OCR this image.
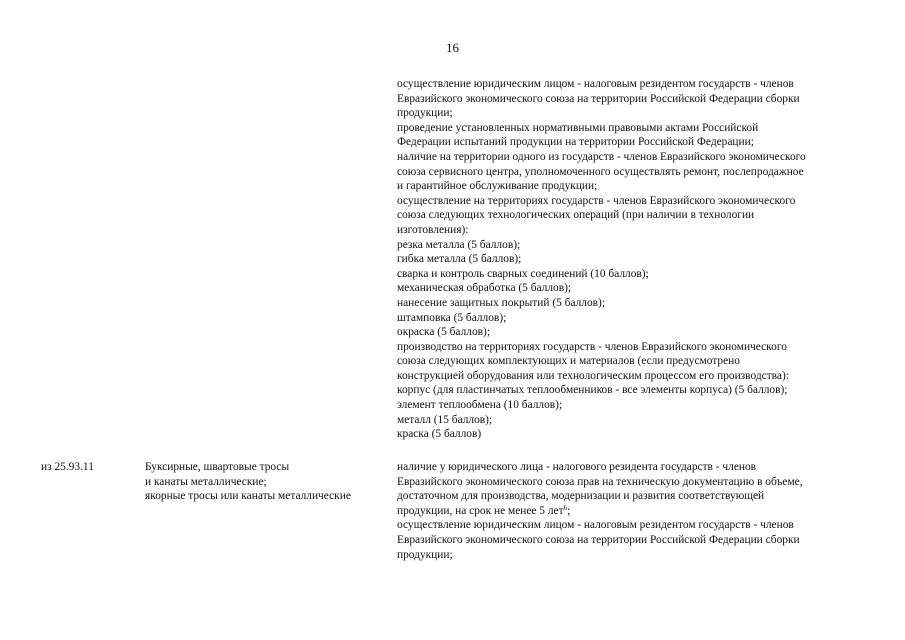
16
осуществление юридическим лицом - налоговым резидентом государств - членов
Евразийского экономического союза на территории Российской Федерации сборки
продукции;
проведение установленных нормативными правовыми актами Российской
Федерации испытаний продукции на территории Российской Федерации;
наличие на территории одного из государств - членов Евразийского экономического
союза сервисного центра, уполномоченного осуществлять ремонт, послепродажное
и гарантийное обслуживание продукции;
осуществление на территориях государств - членов Евразийского экономического
союза следующих технологических операций (при наличии в технологии
изготовления):
резка металла (5 баллов);
гибка металла (5 баллов);
сварка и контроль сварных соединений (10 баллов);
механическая обработка (5 баллов);
нанесение защитных покрытий (5 баллов);
штамповка (5 баллов);
окраска (5 баллов);
производство на территориях государств - членов Евразийского экономического
союза следующих комплектующих и материалов (если предусмотрено
конструкцией оборудования или технологическим процессом его производства):
корпус (для пластинчатых теплообменников - все элементы корпуса) (5 баллов);
элемент теплообмена (10 баллов);
металл (15 баллов);
краска (5 баллов)
из 25.93.11	Буксирные, швартовые тросы
и канаты металлические;
якорные тросы или канаты металлические
наличие у юридического лица - налогового резидента государств - членов
Евразийского экономического союза прав на техническую документацию в объеме,
достаточном для производства, модернизации и развития соответствующей
продукции, на срок не менее 5 лет$^6$;
осуществление юридическим лицом - налоговым резидентом государств - членов
Евразийского экономического союза на территории Российской Федерации сборки
продукции;
